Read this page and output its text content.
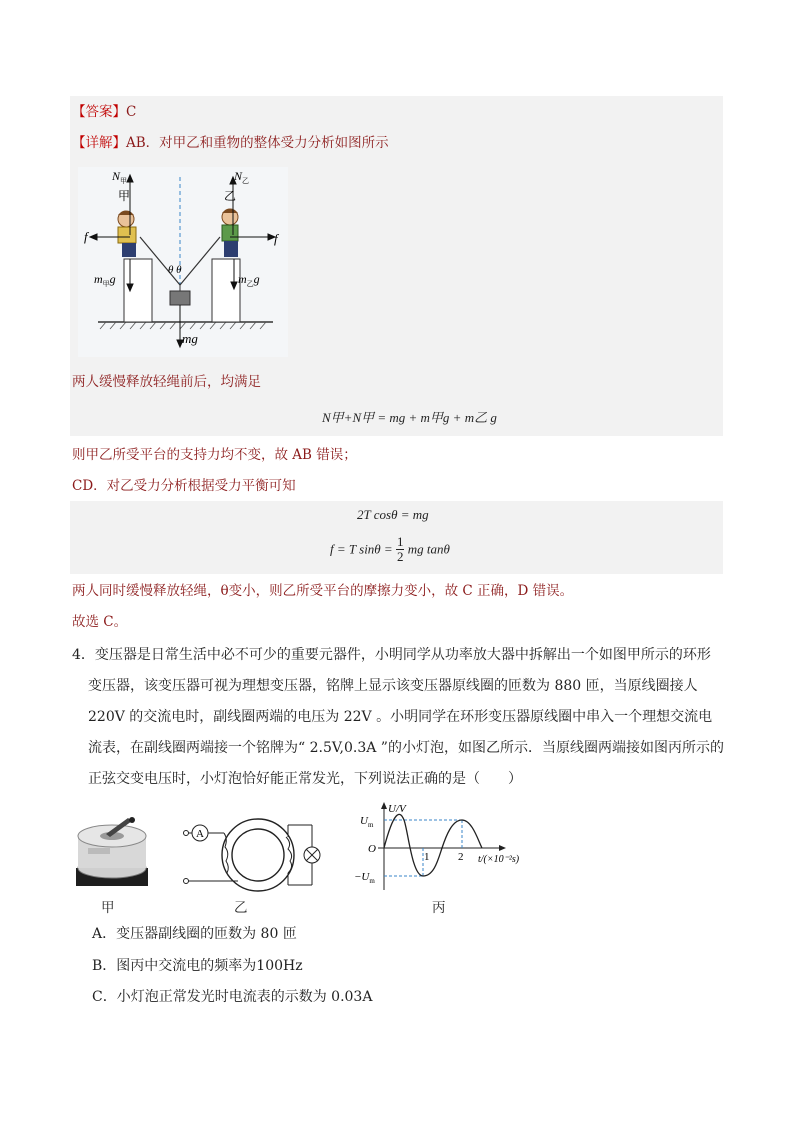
【答案】C
【详解】AB．对甲乙和重物的整体受力分析如图所示
$N_甲$
甲
$N_乙$
乙
f	f
$m_甲g$	$m_乙g$
θ θ
mg
两人缓慢释放轻绳前后，均满足
N甲+N甲 = mg + m甲g + m乙 g
则甲乙所受平台的支持力均不变，故 AB 错误；
CD．对乙受力分析根据受力平衡可知
2T cosθ = mg
f = T $\sin\theta = \frac{1}{2}$ mg tanθ
两人同时缓慢释放轻绳，θ变小，则乙所受平台的摩擦力变小，故 C 正确，D 错误。
故选 C。
4．变压器是日常生活中必不可少的重要元器件，小明同学从功率放大器中拆解出一个如图甲所示的环形变压器，该变压器可视为理想变压器，铭牌上显示该变压器原线圈的匝数为 880 匝，当原线圈接人 220V 的交流电时，副线圈两端的电压为 22V 。小明同学在环形变压器原线圈中串入一个理想交流电流表，在副线圈两端接一个铭牌为“ 2.5V,0.3A ”的小灯泡，如图乙所示．当原线圈两端接如图丙所示的正弦交变电压时，小灯泡恰好能正常发光，下列说法正确的是（　　）
甲
A
乙
U/V
$U_m$
O
$-U_m$
1	2 t/(×10⁻²s)
丙
A．变压器副线圈的匝数为 80 匝
B．图丙中交流电的频率为100Hz
C．小灯泡正常发光时电流表的示数为 0.03A
